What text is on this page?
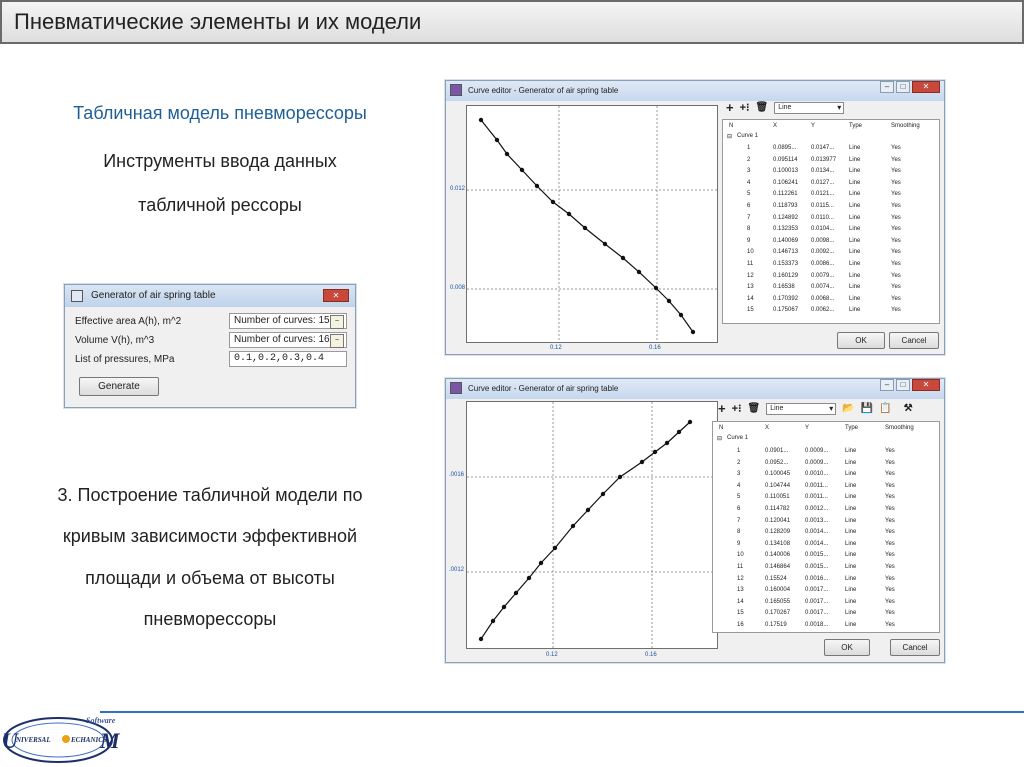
Пневматические элементы и их модели
Табличная модель пневморессоры
Инструменты ввода данных
табличной рессоры
Generator of air spring table	✕
Effective area A(h), m^2	Number of curves: 15 ~
Volume V(h), m^3	Number of curves: 16 ~
List of pressures, MPa	0.1,0.2,0.3,0.4
Generate
3. Построение табличной модели по
кривым зависимости эффективной
площади и объема от высоты
пневморессоры
Curve editor - Generator of air spring table	–	□	✕
0.012
0.008
0.12	0.16
+ +⁝ 🗑	Line ▾
N	X	Y	Type	Smoothing
⊟ Curve 1
1	0.0895... 0.0147... Line	Yes
2	0.095114 0.013977 Line	Yes
3	0.100013 0.0134... Line	Yes
4	0.106241 0.0127... Line	Yes
5	0.112261 0.0121... Line	Yes
6	0.118793 0.0115...	Line	Yes
7	0.124892 0.0110...	Line	Yes
8	0.132353 0.0104... Line	Yes
9	0.140069 0.0098... Line	Yes
10	0.146713 0.0092... Line	Yes
11	0.153373 0.0086... Line	Yes
12	0.160129 0.0079... Line	Yes
13	0.16538	0.0074... Line	Yes
14	0.170392 0.0068... Line	Yes
15	0.175067 0.0062... Line	Yes
OK	Cancel
Curve editor - Generator of air spring table	–	□	✕
.0016
.0012
0.12	0.16
+ +⁝ 🗑	Line ▾	📂 💾 📋 ⚒
N	X	Y	Type	Smoothing
⊟ Curve 1
1	0.0901...	0.0009...	Line	Yes
2	0.0952...	0.0009...	Line	Yes
3	0.100045 0.0010...	Line	Yes
4	0.104744 0.0011...	Line	Yes
5	0.110051	0.0011...	Line	Yes
6	0.114782	0.0012...	Line	Yes
7	0.120041 0.0013...	Line	Yes
8	0.128209 0.0014...	Line	Yes
9	0.134108 0.0014...	Line	Yes
10	0.140006 0.0015...	Line	Yes
11	0.146864 0.0015...	Line	Yes
12	0.15524	0.0016...	Line	Yes
13	0.160004 0.0017...	Line	Yes
14	0.165055 0.0017...	Line	Yes
15	0.170267 0.0017...	Line	Yes
16	0.17519	0.0018...	Line	Yes
OK	Cancel
Software
U
NIVERSAL	ECHANICS
M
